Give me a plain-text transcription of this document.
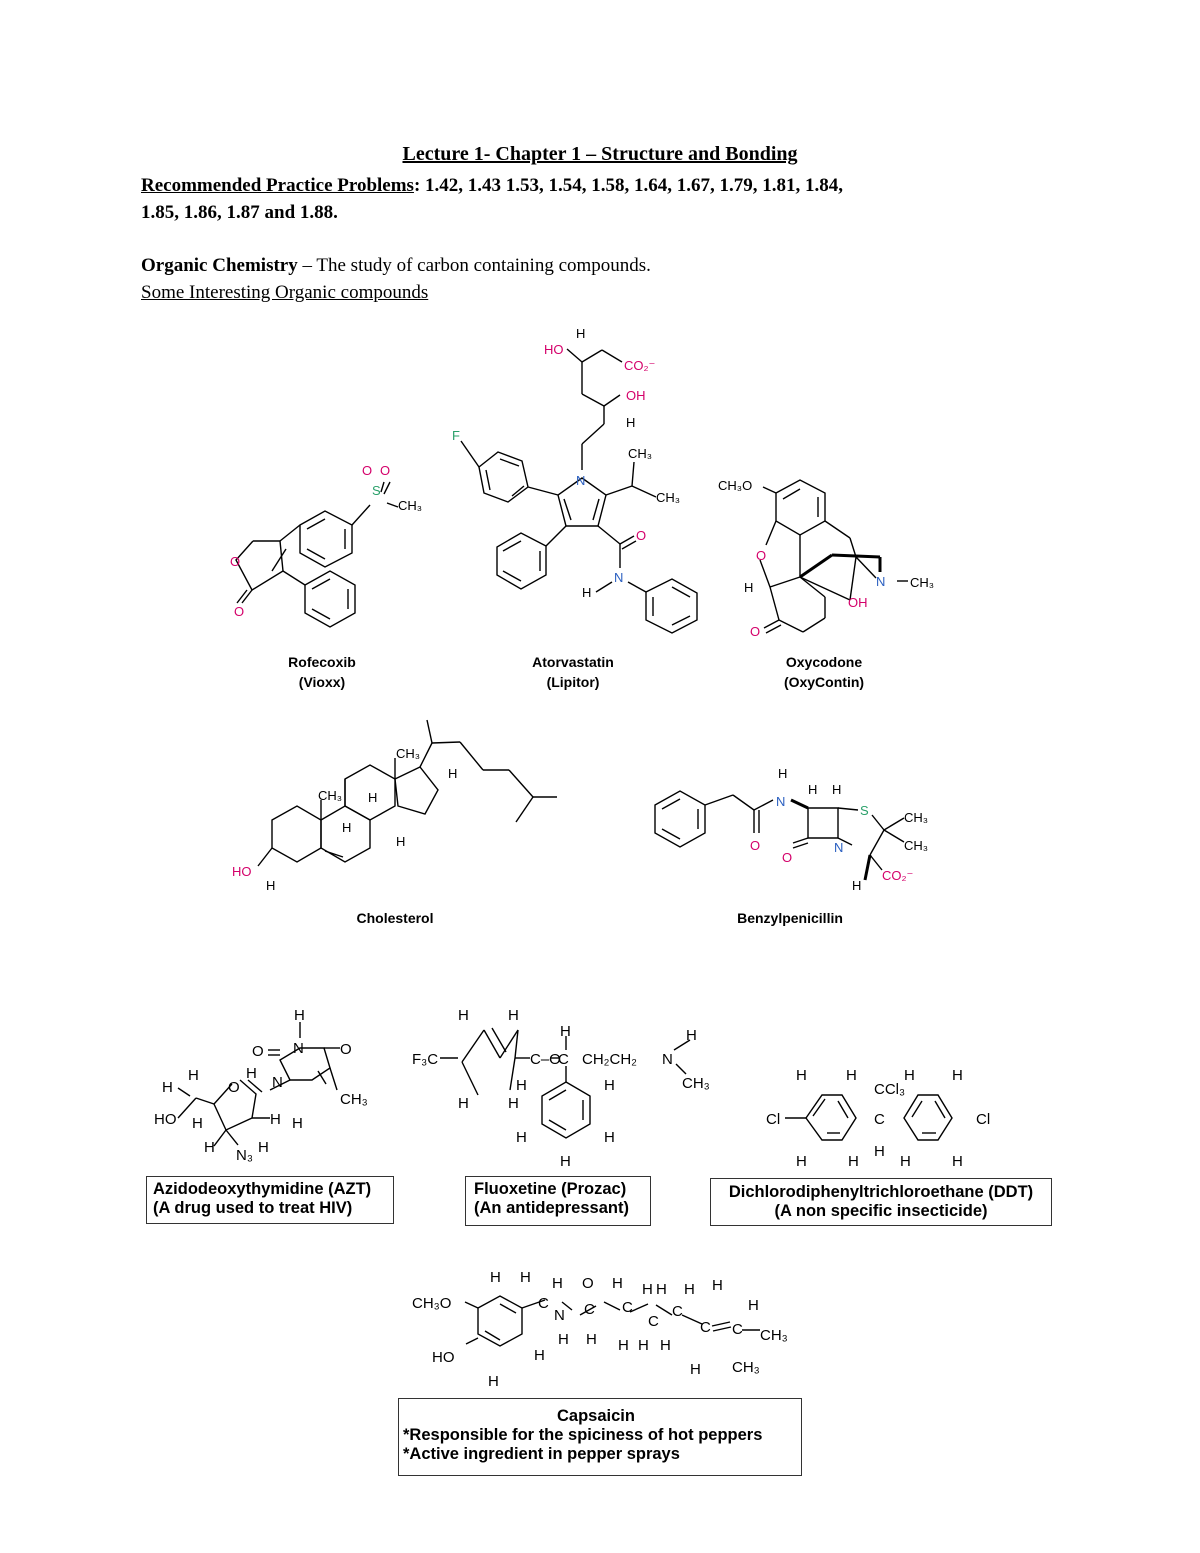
Lecture 1- Chapter 1 – Structure and Bonding
Recommended Practice Problems: 1.42, 1.43 1.53, 1.54, 1.58, 1.64, 1.67, 1.79, 1.81, 1.84,
1.85, 1.86, 1.87 and 1.88.
Organic Chemistry – The study of carbon containing compounds.
Some Interesting Organic compounds
O
O
S
CH₃
O
O
HO
H
CO₂⁻
OH
H
F
N
CH₃
CH₃
O
N
H
CH₃O
O
H	N CH₃
OH
O
CH₃
H
CH₃ H
H
H
HO
H
H
N
H H
S	CH₃
CH₃
N
O
O
CO₂⁻
H
H
N
O	O
N
H
CH₃
H
O
H
H
H
H
HO
H N₃ H
H	H
F₃C	C–O
H
C CH₂CH₂ N
H
CH₃
H
H
H
H
H	H
H
Cl	Cl
H	H
CCl₃
C
H
H H
H	H	H	H
CH₃O
HO	H
H
H H H
C
N
H
O
C
H
H
C
H H
C
H H H
C
H H
C
H
C
H
CH₃
CH₃
Rofecoxib
(Vioxx)
Atorvastatin
(Lipitor)
Oxycodone
(OxyContin)
Cholesterol	Benzylpenicillin
Azidodeoxythymidine (AZT)
(A drug used to treat HIV)
Fluoxetine (Prozac)
(An antidepressant)
Dichlorodiphenyltrichloroethane (DDT)
(A non specific insecticide)
Capsaicin
*Responsible for the spiciness of hot peppers
*Active ingredient in pepper sprays
